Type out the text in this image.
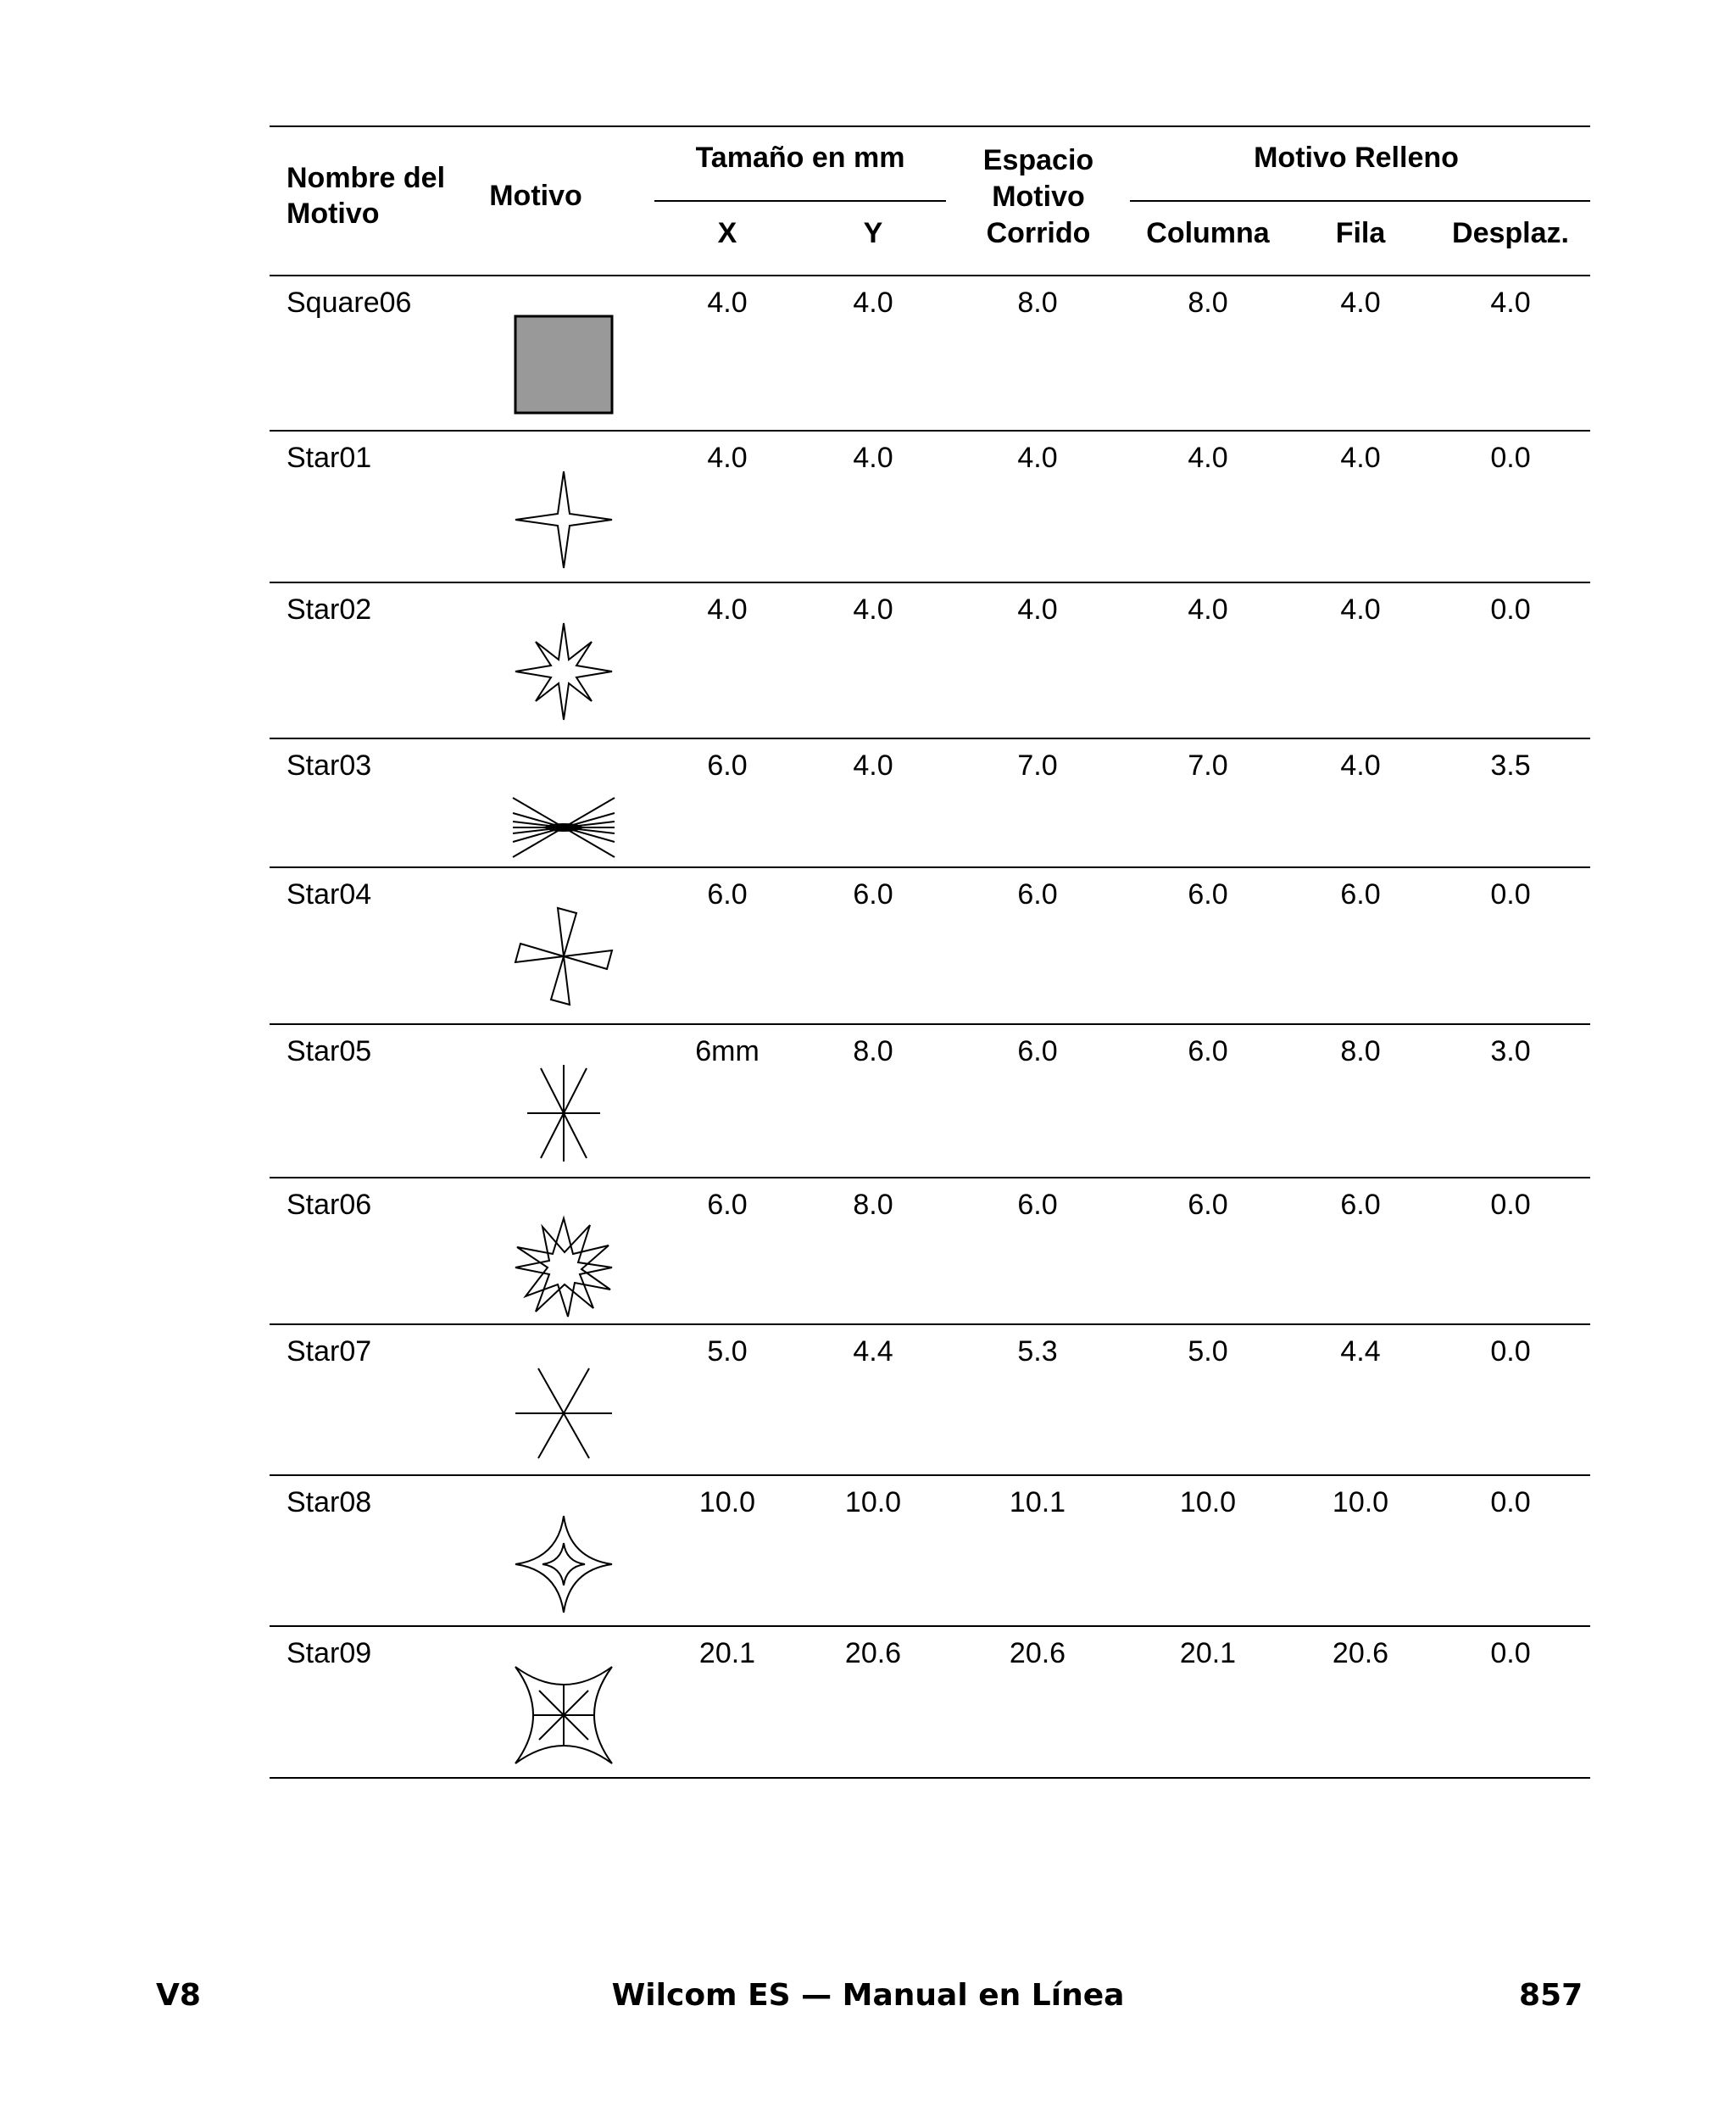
Nombre del Motivo
Motivo
Tamaño en mm
X	Y
Espacio Motivo Corrido
Motivo Relleno
Columna Fila Desplaz.
Square06	4.0	4.0	8.0	8.0	4.0	4.0
Star01	4.0	4.0	4.0	4.0	4.0	0.0
Star02	4.0	4.0	4.0	4.0	4.0	0.0
Star03	6.0	4.0	7.0	7.0	4.0	3.5
Star04	6.0	6.0	6.0	6.0	6.0	0.0
Star05	6mm	8.0	6.0	6.0	8.0	3.0
Star06	6.0	8.0	6.0	6.0	6.0	0.0
Star07	5.0	4.4	5.3	5.0	4.4	0.0
Star08	10.0	10.0	10.1	10.0	10.0	0.0
Star09	20.1	20.6	20.6	20.1	20.6	0.0
V8	Wilcom ES — Manual en Línea	857
